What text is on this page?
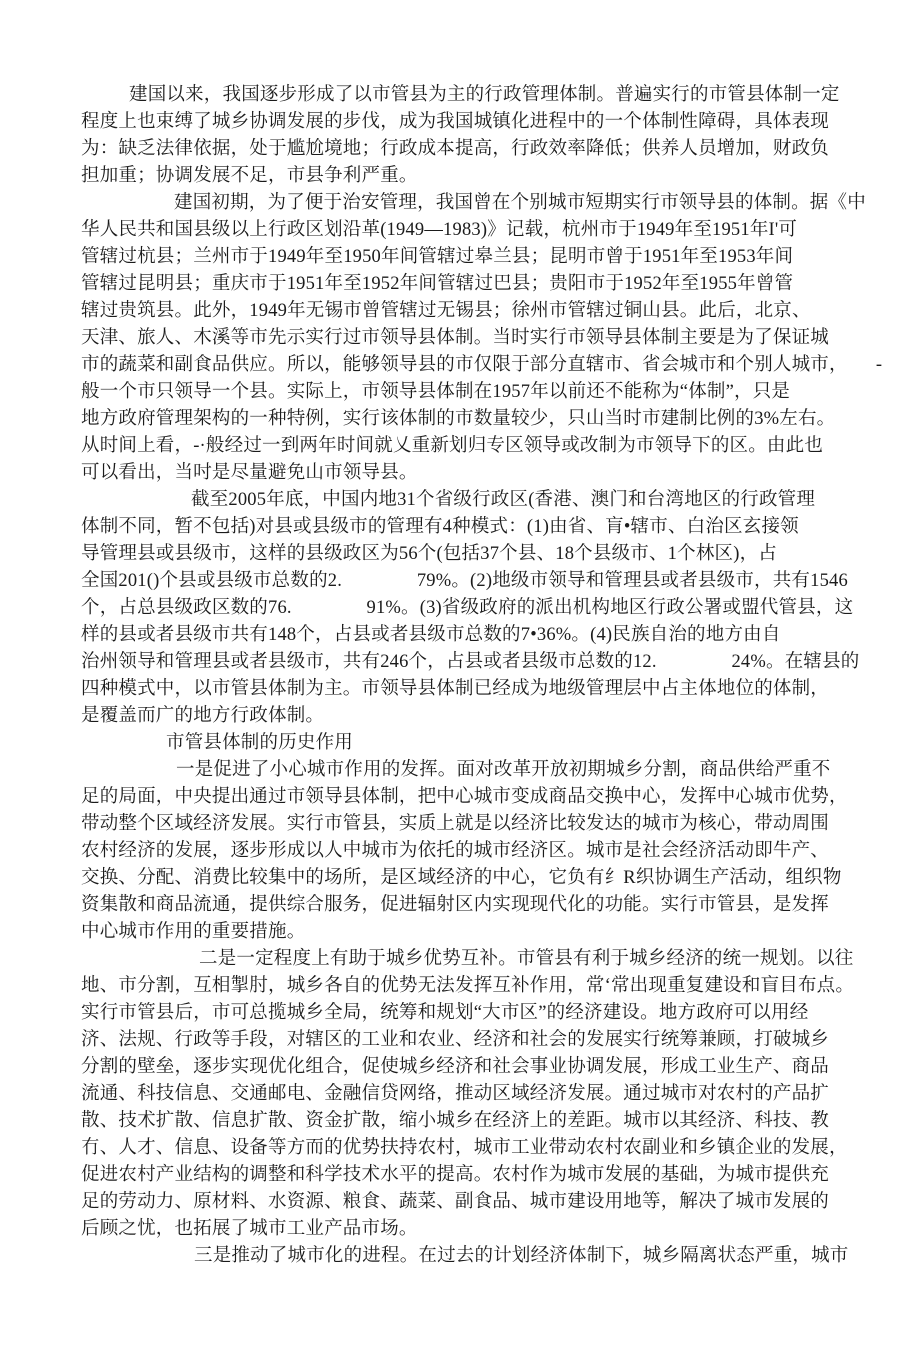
建国以来，我国逐步形成了以市管县为主的行政管理体制。普遍实行的市管县体制一定
程度上也束缚了城乡协调发展的步伐，成为我国城镇化进程中的一个体制性障碍，具体表现
为：缺乏法律依据，处于尴尬境地；行政成本提高，行政效率降低；供养人员增加，财政负
担加重；协调发展不足，市县争利严重。
建国初期，为了便于治安管理，我国曾在个别城市短期实行市领导县的体制。据《中
华人民共和国县级以上行政区划沿革(1949—1983)》记载，杭州市于1949年至1951年I'可
管辖过杭县；兰州市于1949年至1950年间管辖过皋兰县；昆明市曾于1951年至1953年间
管辖过昆明县；重庆市于1951年至1952年间管辖过巴县；贵阳市于1952年至1955年曾管
辖过贵筑县。此外，1949年无锡市曾管辖过无锡县；徐州市管辖过铜山县。此后，北京、
天津、旅人、木溪等市先示实行过市领导县体制。当时实行市领导县体制主要是为了保证城
市的蔬菜和副食品供应。所以，能够领导县的市仅限于部分直辖市、省会城市和个别人城市，　　-
般一个市只领导一个县。实际上，市领导县体制在1957年以前还不能称为“体制”，只是
地方政府管理架构的一种特例，实行该体制的市数量较少，只山当时市建制比例的3%左右。
从时间上看，-·般经过一到两年时间就乂重新划归专区领导或改制为市领导下的区。由此也
可以看出，当吋是尽量避免山市领导县。
截至2005年底，中国内地31个省级行政区(香港、澳门和台湾地区的行政管理
体制不同，暂不包括)对县或县级市的管理有4种模式：(1)由省、肓•辖市、白治区玄接领
导管理县或县级市，这样的县级政区为56个(包括37个县、18个县级市、1个林区)，占
全国201()个县或县级市总数的2.　　　　79%。(2)地级市领导和管理县或者县级市，共有1546
个，占总县级政区数的76.　　　　91%。(3)省级政府的派出机构地区行政公署或盟代管县，这
样的县或者县级市共有148个，占县或者县级市总数的7•36%。(4)民族自治的地方由自
治州领导和管理县或者县级市，共有246个，占县或者县级市总数的12.　　　　24%。在辖县的
四种模式中，以市管县体制为主。市领导县体制已经成为地级管理层中占主体地位的体制，
是覆盖而广的地方行政体制。
市管县体制的历史作用
一是促进了小心城市作用的发挥。面对改革开放初期城乡分割，商品供给严重不
足的局面，中央提出通过市领导县体制，把中心城市变成商品交换中心，发挥中心城市优势，
带动整个区域经济发展。实行市管县，实质上就是以经济比较发达的城市为核心，带动周围
农村经济的发展，逐步形成以人中城市为依托的城市经济区。城市是社会经济活动即牛产、
交换、分配、消费比较集中的场所，是区域经济的中心，它负有纟R织协调生产活动，组织物
资集散和商品流通，提供综合服务，促进辐射区内实现现代化的功能。实行市管县，是发挥
中心城市作用的重要措施。
二是一定程度上有助于城乡优势互补。市管县有利于城乡经济的统一规划。以往
地、市分割，互相掣肘，城乡各自的优势无法发挥互补作用，常‘常出现重复建设和盲目布点。
实行市管县后，市可总揽城乡全局，统筹和规划“大市区”的经济建设。地方政府可以用经
济、法规、行政等手段，对辖区的工业和农业、经济和社会的发展实行统筹兼顾，打破城乡
分割的壁垒，逐步实现优化组合，促使城乡经济和社会事业协调发展，形成工业生产、商品
流通、科技信息、交通邮电、金融信贷网络，推动区域经济发展。通过城市对农村的产品扩
散、技术扩散、信息扩散、资金扩散，缩小城乡在经济上的差距。城市以其经济、科技、教
冇、人才、信息、设备等方而的优势扶持农村，城市工业带动农村农副业和乡镇企业的发展，
促进农村产业结构的调整和科学技术水平的提高。农村作为城市发展的基础，为城市提供充
足的劳动力、原材料、水资源、粮食、蔬菜、副食品、城市建设用地等，解决了城市发展的
后顾之忧，也拓展了城市工业产品市场。
三是推动了城市化的进程。在过去的计划经济体制下，城乡隔离状态严重，城市
